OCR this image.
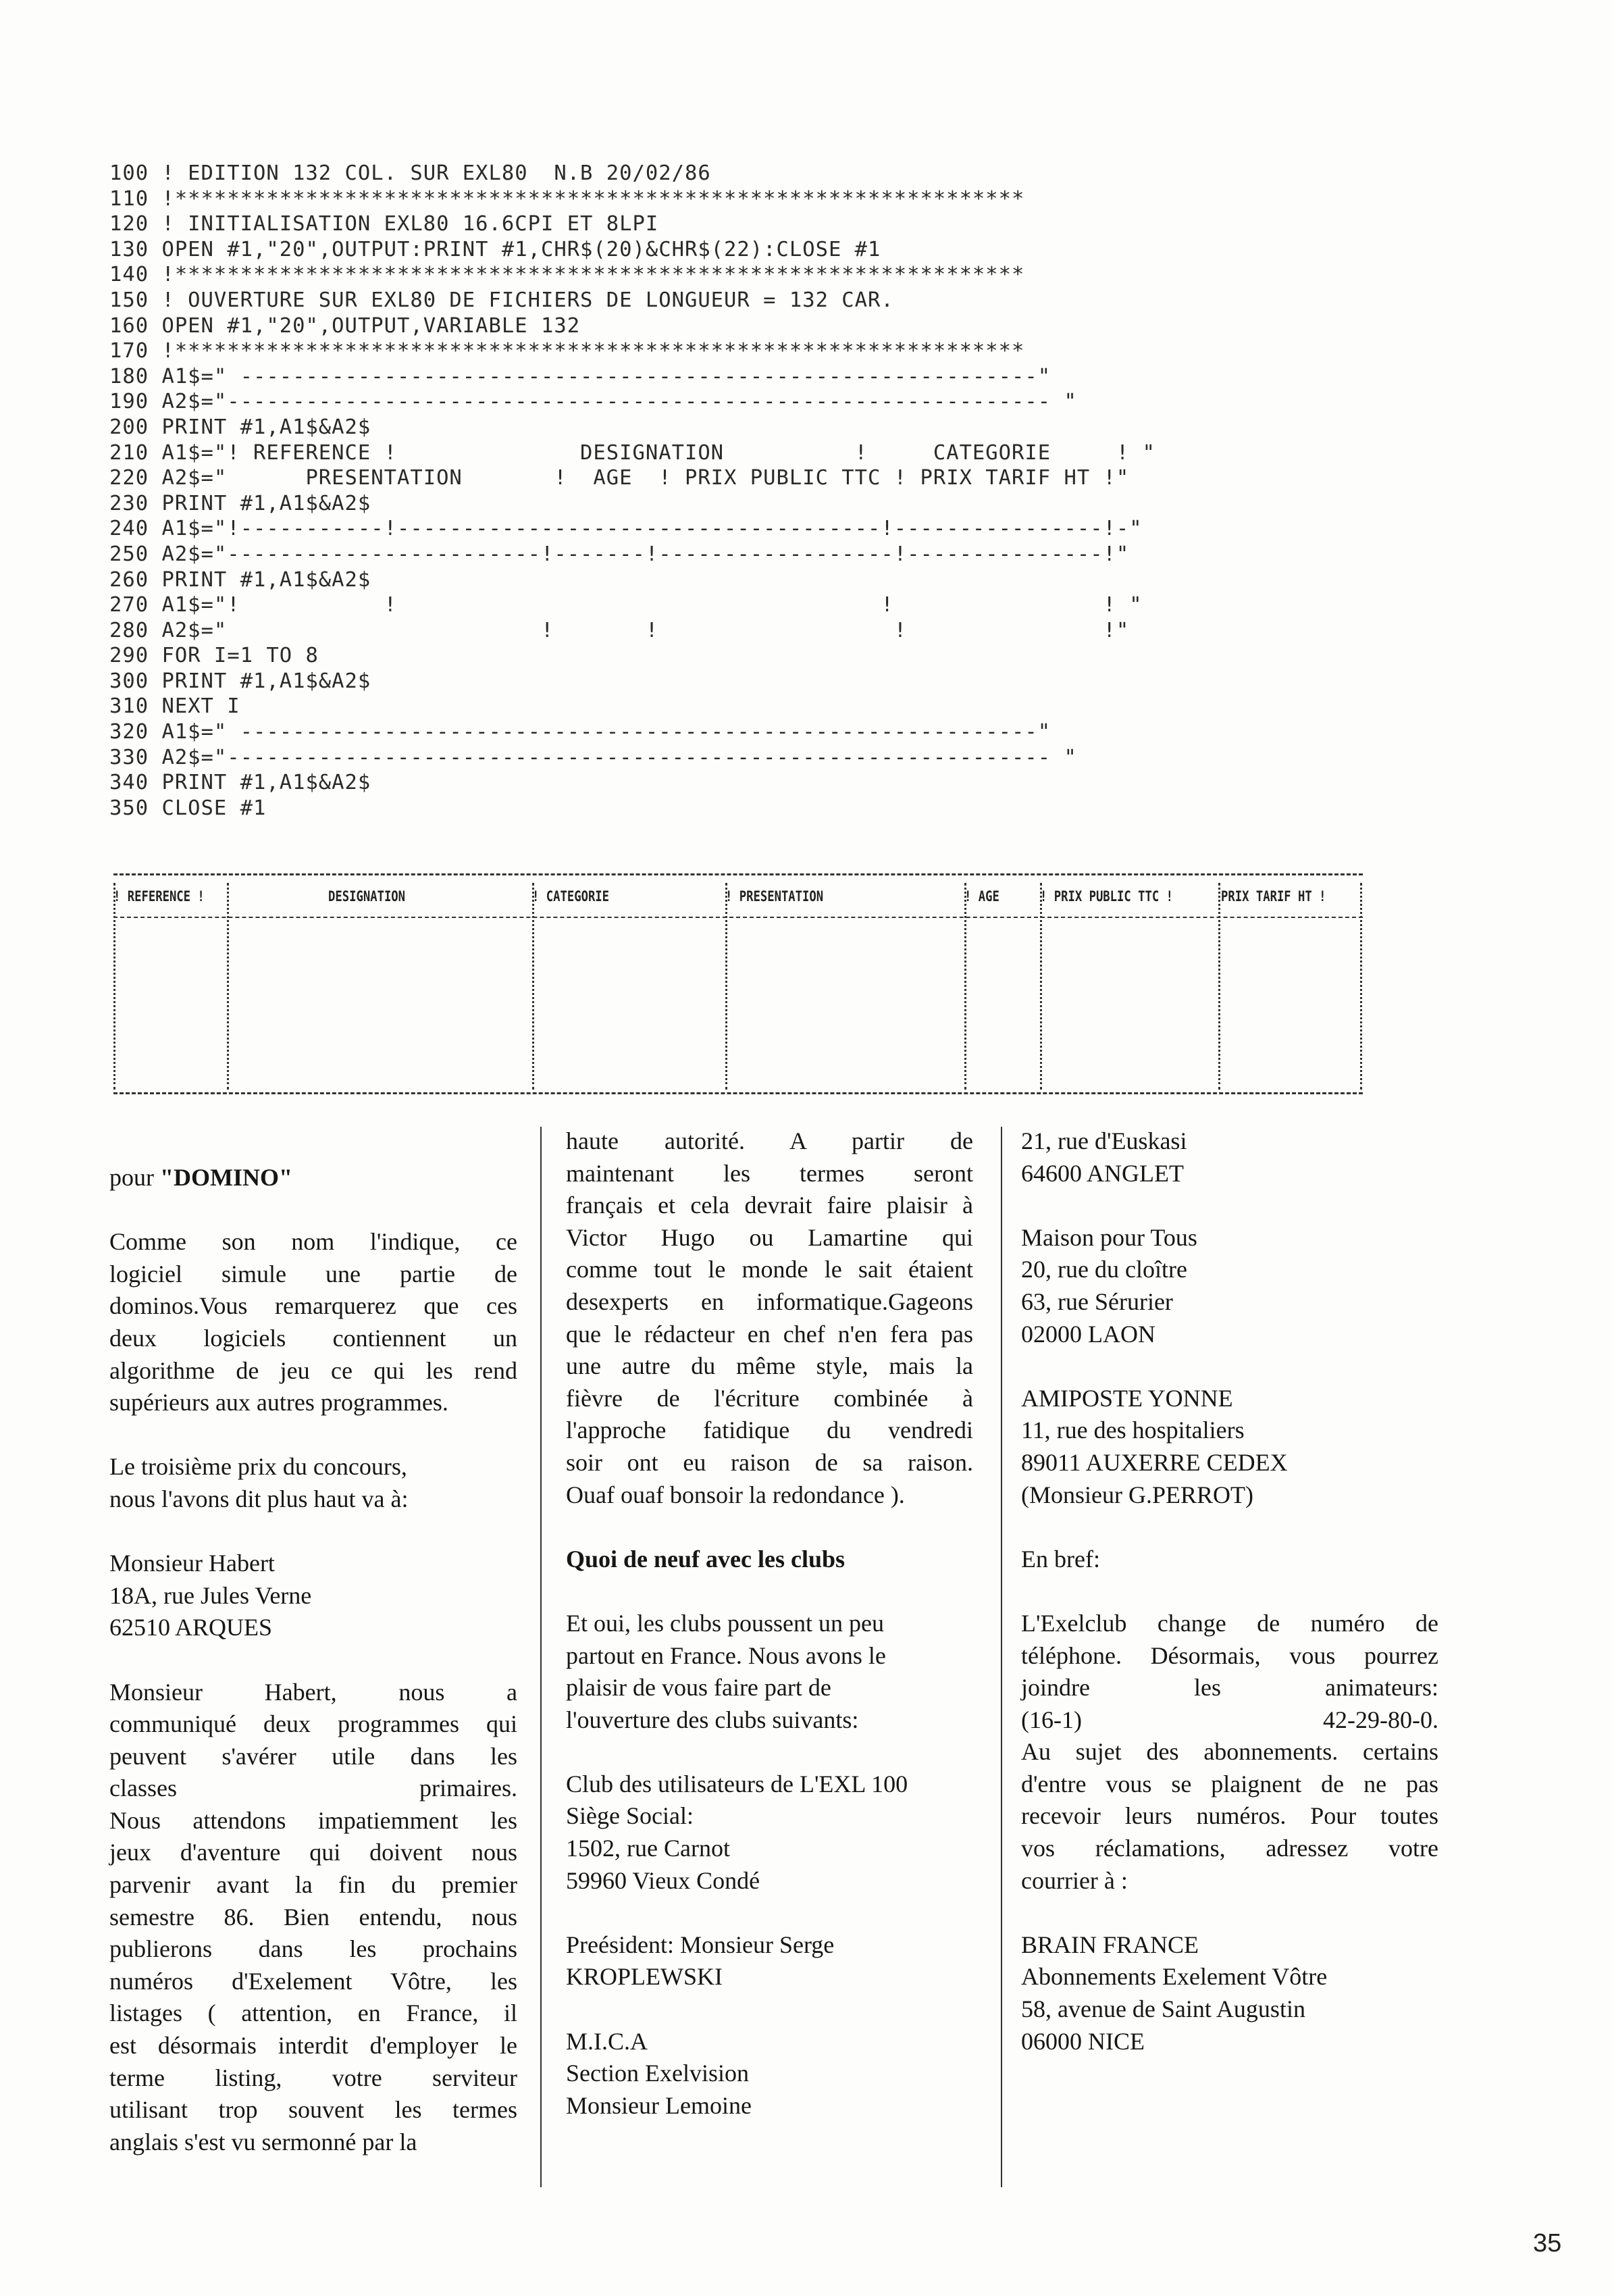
100 ! EDITION 132 COL. SUR EXL80  N.B 20/02/86
110 !*****************************************************************
120 ! INITIALISATION EXL80 16.6CPI ET 8LPI
130 OPEN #1,"20",OUTPUT:PRINT #1,CHR$(20)&CHR$(22):CLOSE #1
140 !*****************************************************************
150 ! OUVERTURE SUR EXL80 DE FICHIERS DE LONGUEUR = 132 CAR.
160 OPEN #1,"20",OUTPUT,VARIABLE 132
170 !*****************************************************************
180 A1$=" -------------------------------------------------------------"
190 A2$="--------------------------------------------------------------- "
200 PRINT #1,A1$&A2$
210 A1$="! REFERENCE !              DESIGNATION          !     CATEGORIE     ! "
220 A2$="      PRESENTATION       !  AGE  ! PRIX PUBLIC TTC ! PRIX TARIF HT !"
230 PRINT #1,A1$&A2$
240 A1$="!-----------!-------------------------------------!----------------!-"
250 A2$="------------------------!-------!------------------!---------------!"
260 PRINT #1,A1$&A2$
270 A1$="!           !                                     !                ! "
280 A2$="                        !       !                  !               !"
290 FOR I=1 TO 8
300 PRINT #1,A1$&A2$
310 NEXT I
320 A1$=" -------------------------------------------------------------"
330 A2$="--------------------------------------------------------------- "
340 PRINT #1,A1$&A2$
350 CLOSE #1
! REFERENCE !	DESIGNATION	! CATEGORIE	! PRESENTATION	! AGE	! PRIX PUBLIC TTC !	PRIX TARIF HT !

pour "DOMINO"

Comme son nom l'indique, ce
logiciel simule une partie de
dominos.Vous remarquerez que ces
deux logiciels contiennent un
algorithme de jeu ce qui les rend
supérieurs aux autres programmes.

Le troisième prix du concours,
nous l'avons dit plus haut va à:

Monsieur Habert
18A, rue Jules Verne
62510 ARQUES

Monsieur Habert, nous a
communiqué deux programmes qui
peuvent s'avérer utile dans les
classes primaires.
Nous attendons impatiemment les
jeux d'aventure qui doivent nous
parvenir avant la fin du premier
semestre 86. Bien entendu, nous
publierons dans les prochains
numéros d'Exelement Vôtre, les
listages ( attention, en France, il
est désormais interdit d'employer le
terme listing, votre serviteur
utilisant trop souvent les termes
anglais s'est vu sermonné par la

haute autorité. A partir de
maintenant les termes seront
français et cela devrait faire plaisir à
Victor Hugo ou Lamartine qui
comme tout le monde le sait étaient
desexperts en informatique.Gageons
que le rédacteur en chef n'en fera pas
une autre du même style, mais la
fièvre de l'écriture combinée à
l'approche fatidique du vendredi
soir ont eu raison de sa raison.
Ouaf ouaf bonsoir la redondance ).

Quoi de neuf avec les clubs

Et oui, les clubs poussent un peu
partout en France. Nous avons le
plaisir de vous faire part de
l'ouverture des clubs suivants:

Club des utilisateurs de L'EXL 100
Siège Social:
1502, rue Carnot
59960 Vieux Condé

Preésident: Monsieur Serge
KROPLEWSKI

M.I.C.A
Section Exelvision
Monsieur Lemoine

21, rue d'Euskasi
64600 ANGLET

Maison pour Tous
20, rue du cloître
63, rue Sérurier
02000 LAON

AMIPOSTE YONNE
11, rue des hospitaliers
89011 AUXERRE CEDEX
(Monsieur G.PERROT)

En bref:

L'Exelclub change de numéro de
téléphone. Désormais, vous pourrez
joindre les animateurs:
(16-1) 42-29-80-0.
Au sujet des abonnements. certains
d'entre vous se plaignent de ne pas
recevoir leurs numéros. Pour toutes
vos réclamations, adressez votre
courrier à :

BRAIN FRANCE
Abonnements Exelement Vôtre
58, avenue de Saint Augustin
06000 NICE

35
